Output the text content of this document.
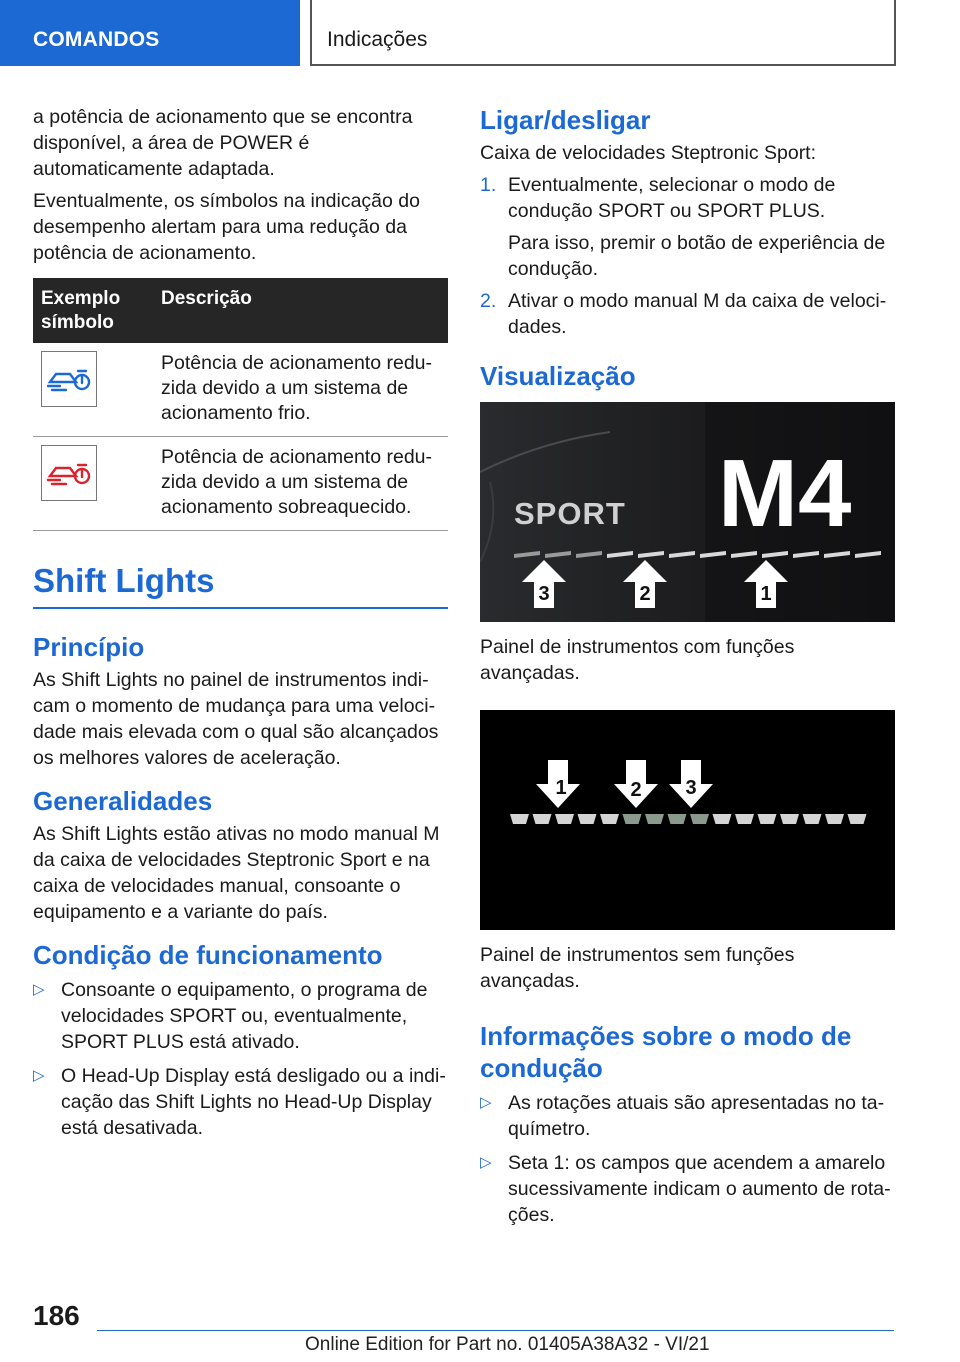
COMANDOS	Indicações

a potência de acionamento que se encontra disponível, a área de POWER é automaticamente adaptada.

Eventualmente, os símbolos na indicação do desempenho alertam para uma redução da potência de acionamento.

Exemplo símbolo	Descrição

	Potência de acionamento reduzida devido a um sistema de acionamento frio.

	Potência de acionamento reduzida devido a um sistema de acionamento sobreaquecido.
Shift Lights
Princípio

As Shift Lights no painel de instrumentos indicam o momento de mudança para uma velocidade mais elevada com o qual são alcançados os melhores valores de aceleração.

Generalidades

As Shift Lights estão ativas no modo manual M da caixa de velocidades Steptronic Sport e na caixa de velocidades manual, consoante o equipamento e a variante do país.

Condição de funcionamento
▷ Consoante o equipamento, o programa de velocidades SPORT ou, eventualmente, SPORT PLUS está ativado.
▷ O Head-Up Display está desligado ou a indicação das Shift Lights no Head-Up Display está desativada.
Ligar/desligar

Caixa de velocidades Steptronic Sport:

1. Eventualmente, selecionar o modo de condução SPORT ou SPORT PLUS.

Para isso, premir o botão de experiência de condução.

2. Ativar o modo manual M da caixa de velocidades.
Visualização
SPORT M4
3	2	1

Painel de instrumentos com funções avançadas.

1	2 3

Painel de instrumentos sem funções avançadas.

Informações sobre o modo de condução
▷ As rotações atuais são apresentadas no taquímetro.
▷ Seta 1: os campos que acendem a amarelo sucessivamente indicam o aumento de rotações.
186
Online Edition for Part no. 01405A38A32 - VI/21
